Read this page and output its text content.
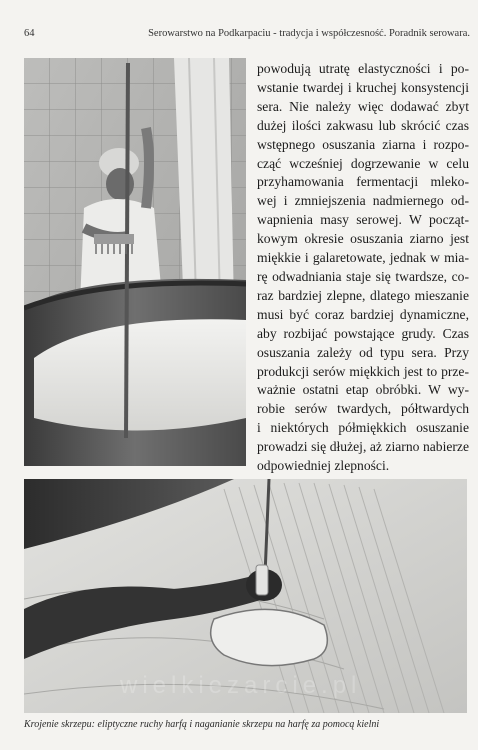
64	Serowarstwo na Podkarpaciu - tradycja i współczesność. Poradnik serowara.

powodują utratę elastyczności i po-
wstanie twardej i kruchej konsystencji
sera. Nie należy więc dodawać zbyt
dużej ilości zakwasu lub skrócić czas
wstępnego osuszania ziarna i rozpo-
cząć wcześniej dogrzewanie w celu
przyhamowania fermentacji mleko-
wej i zmniejszenia nadmiernego od-
wapnienia masy serowej. W począt-
kowym okresie osuszania ziarno jest
miękkie i galaretowate, jednak w mia-
rę odwadniania staje się twardsze, co-
raz bardziej zlepne, dlatego mieszanie
musi być coraz bardziej dynamiczne,
aby rozbijać powstające grudy. Czas
osuszania zależy od typu sera. Przy
produkcji serów miękkich jest to prze-
ważnie ostatni etap obróbki. W wy-
robie serów twardych, półtwardych
i niektórych półmiękkich osuszanie
prowadzi się dłużej, aż ziarno nabierze
odpowiedniej zlepności.

wielkiezarcie.pl
Krojenie skrzepu: eliptyczne ruchy harfą i naganianie skrzepu na harfę za pomocą kielni
